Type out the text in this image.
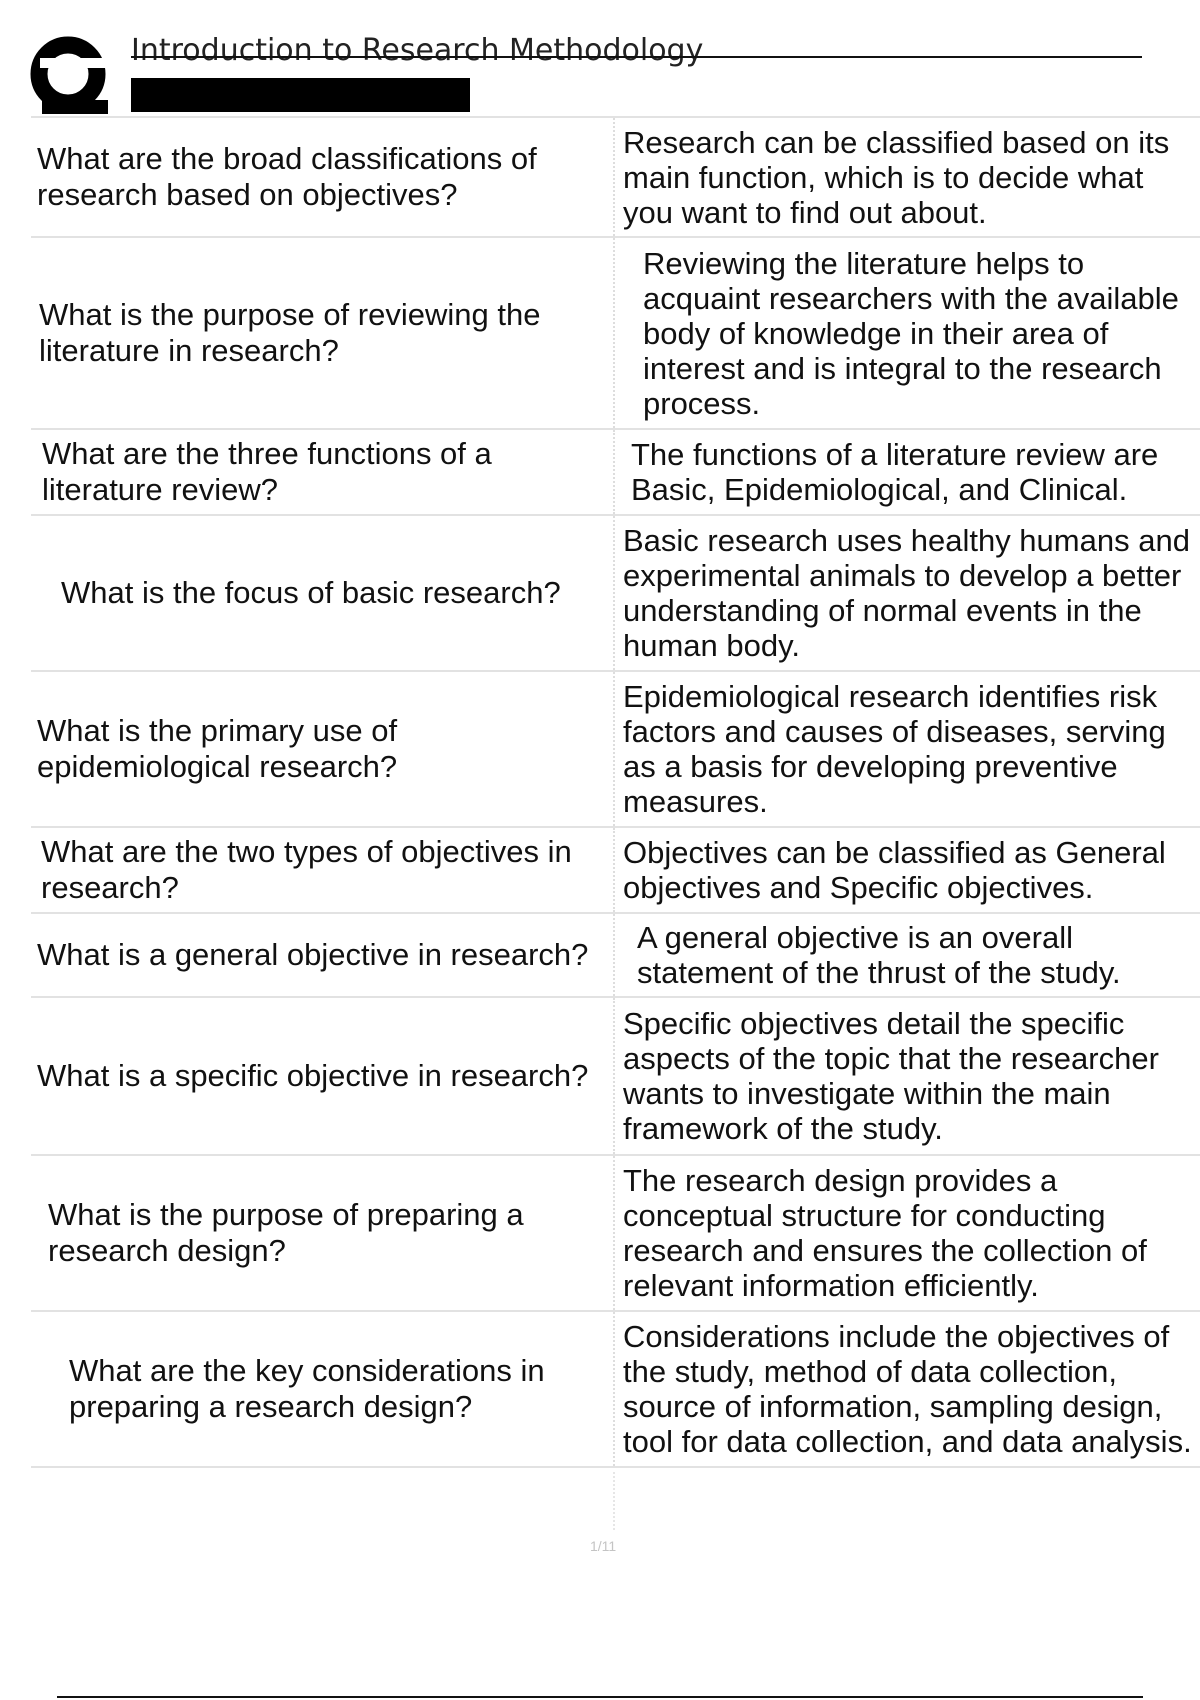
Introduction to Research Methodology
What are the broad classifications of research based on objectives?
Research can be classified based on its main function, which is to decide what you want to find out about.
What is the purpose of reviewing the literature in research?
Reviewing the literature helps to acquaint researchers with the available body of knowledge in their area of interest and is integral to the research process.
What are the three functions of a literature review?
The functions of a literature review are Basic, Epidemiological, and Clinical.
What is the focus of basic research?
Basic research uses healthy humans and experimental animals to develop a better understanding of normal events in the human body.
What is the primary use of epidemiological research?
Epidemiological research identifies risk factors and causes of diseases, serving as a basis for developing preventive measures.
What are the two types of objectives in research?
Objectives can be classified as General objectives and Specific objectives.
What is a general objective in research? A general objective is an overall statement of the thrust of the study.
What is a specific objective in research?
Specific objectives detail the specific aspects of the topic that the researcher wants to investigate within the main framework of the study.
What is the purpose of preparing a research design?
The research design provides a conceptual structure for conducting research and ensures the collection of relevant information efficiently.
What are the key considerations in preparing a research design?
Considerations include the objectives of the study, method of data collection, source of information, sampling design, tool for data collection, and data analysis.
1/11
